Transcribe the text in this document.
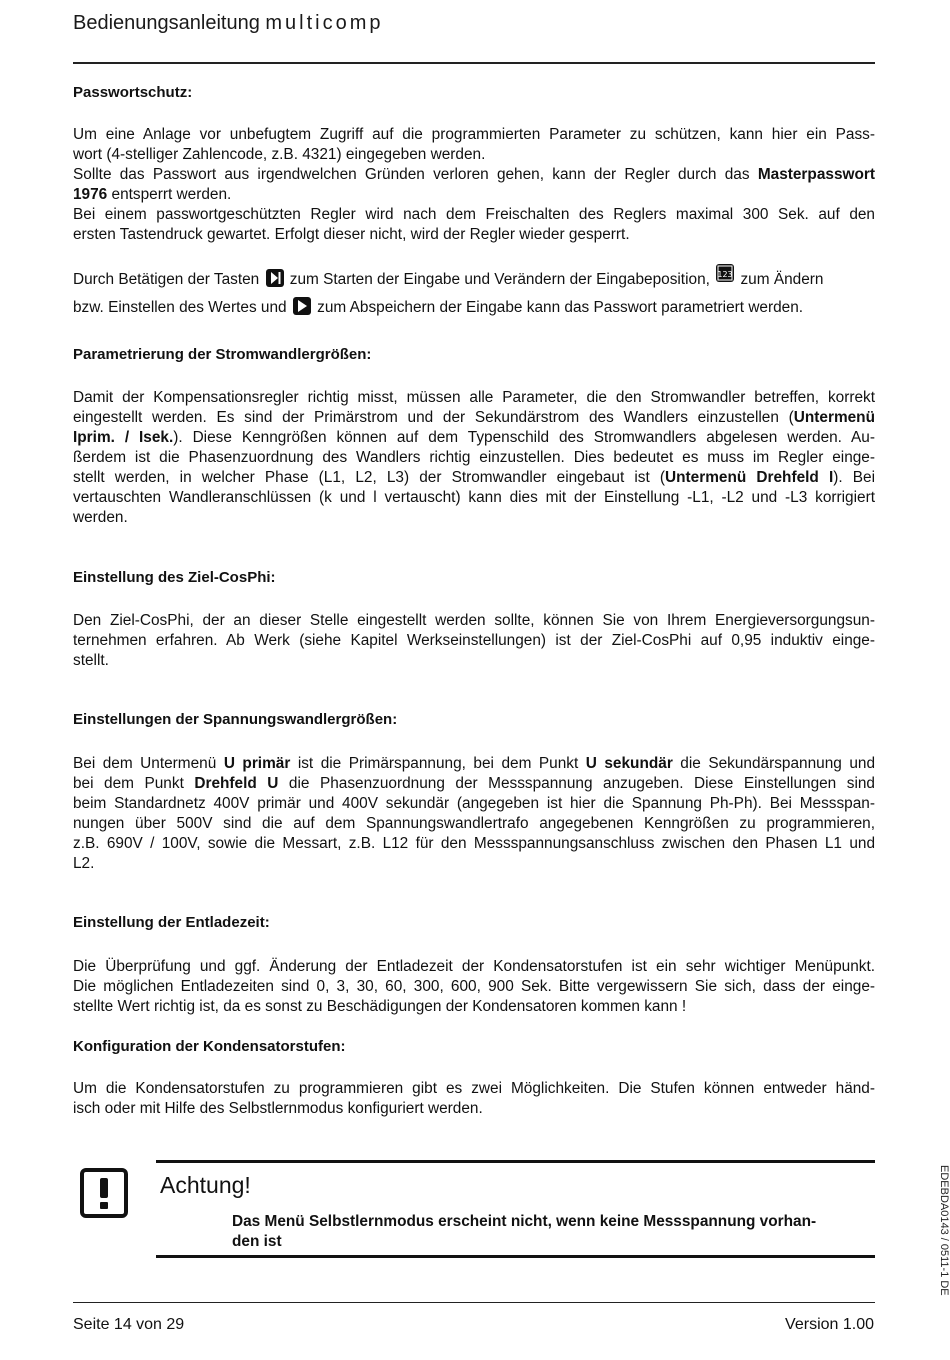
Bedienungsanleitung multicomp
Passwortschutz:
Um eine Anlage vor unbefugtem Zugriff auf die programmierten Parameter zu schützen, kann hier ein Pass-
wort (4-stelliger Zahlencode, z.B. 4321) eingegeben werden.
Sollte das Passwort aus irgendwelchen Gründen verloren gehen, kann der Regler durch das Masterpasswort
1976 entsperrt werden.
Bei einem passwortgeschützten Regler wird nach dem Freischalten des Reglers maximal 300 Sek. auf den
ersten Tastendruck gewartet. Erfolgt dieser nicht, wird der Regler wieder gesperrt.
Durch Betätigen der Tasten
zum Starten der Eingabe und Verändern der Eingabeposition, 123 zum Ändern
bzw. Einstellen des Wertes und
zum Abspeichern der Eingabe kann das Passwort parametriert werden.
Parametrierung der Stromwandlergrößen:
Damit der Kompensationsregler richtig misst, müssen alle Parameter, die den Stromwandler betreffen, korrekt
eingestellt werden. Es sind der Primärstrom und der Sekundärstrom des Wandlers einzustellen (Untermenü
Iprim. / Isek.). Diese Kenngrößen können auf dem Typenschild des Stromwandlers abgelesen werden. Au-
ßerdem ist die Phasenzuordnung des Wandlers richtig einzustellen. Dies bedeutet es muss im Regler einge-
stellt werden, in welcher Phase (L1, L2, L3) der Stromwandler eingebaut ist (Untermenü Drehfeld I). Bei
vertauschten Wandleranschlüssen (k und l vertauscht) kann dies mit der Einstellung -L1, -L2 und -L3 korrigiert
werden.
Einstellung des Ziel-CosPhi:
Den Ziel-CosPhi, der an dieser Stelle eingestellt werden sollte, können Sie von Ihrem Energieversorgungsun-
ternehmen erfahren. Ab Werk (siehe Kapitel Werkseinstellungen) ist der Ziel-CosPhi auf 0,95 induktiv einge-
stellt.
Einstellungen der Spannungswandlergrößen:
Bei dem Untermenü U primär ist die Primärspannung, bei dem Punkt U sekundär die Sekundärspannung und
bei dem Punkt Drehfeld U die Phasenzuordnung der Messspannung anzugeben. Diese Einstellungen sind
beim Standardnetz 400V primär und 400V sekundär (angegeben ist hier die Spannung Ph-Ph). Bei Messspan-
nungen über 500V sind die auf dem Spannungswandlertrafo angegebenen Kenngrößen zu programmieren,
z.B. 690V / 100V, sowie die Messart, z.B. L12 für den Messspannungsanschluss zwischen den Phasen L1 und
L2.
Einstellung der Entladezeit:
Die Überprüfung und ggf. Änderung der Entladezeit der Kondensatorstufen ist ein sehr wichtiger Menüpunkt.
Die möglichen Entladezeiten sind 0, 3, 30, 60, 300, 600, 900 Sek. Bitte vergewissern Sie sich, dass der einge-
stellte Wert richtig ist, da es sonst zu Beschädigungen der Kondensatoren kommen kann !
Konfiguration der Kondensatorstufen:
Um die Kondensatorstufen zu programmieren gibt es zwei Möglichkeiten. Die Stufen können entweder händ-
isch oder mit Hilfe des Selbstlernmodus konfiguriert werden.
Achtung!
Das Menü Selbstlernmodus erscheint nicht, wenn keine Messspannung vorhan-
den ist	EDEBDA0143 / 0511-1 DE
Seite 14 von 29	Version 1.00
